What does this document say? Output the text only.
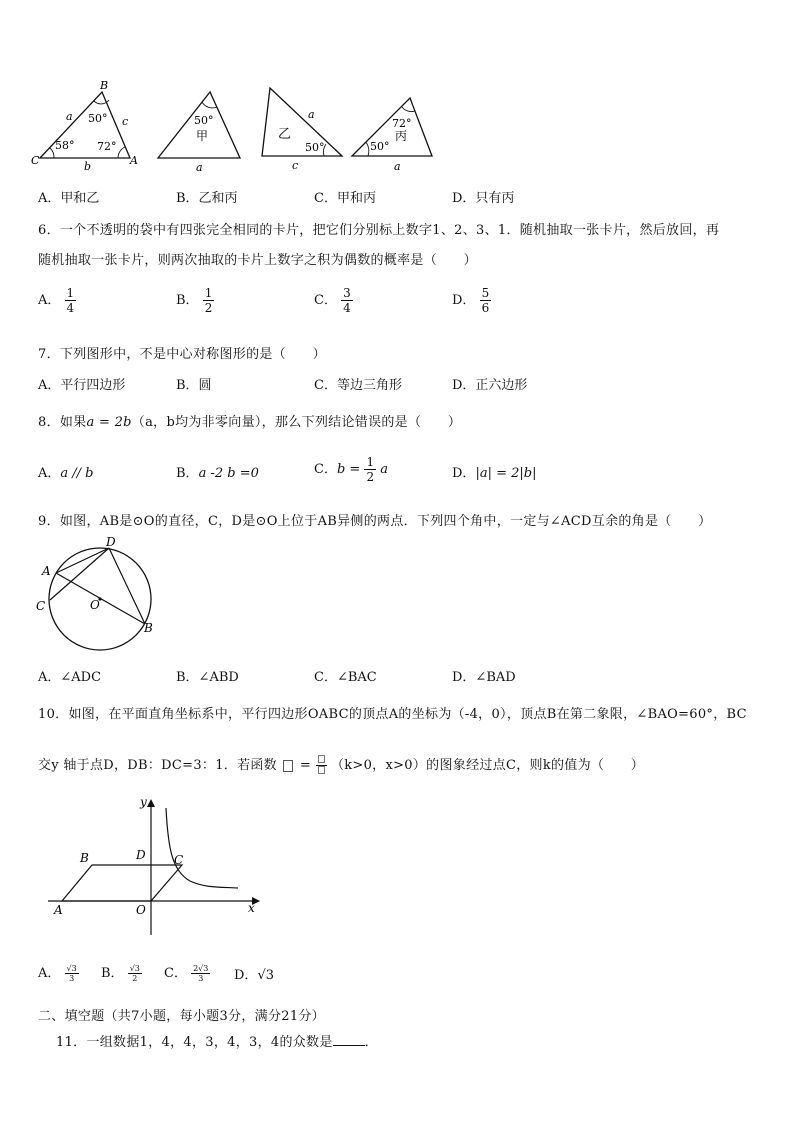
B
C	A
a	c
b
50°
58° 72°
50°
甲
a
乙
a
c
50°
72°
丙
50°
a
A．甲和乙	B．乙和丙	C．甲和丙	D．只有丙
6．一个不透明的袋中有四张完全相同的卡片，把它们分别标上数字1、2、3、1．随机抽取一张卡片，然后放回，再
随机抽取一张卡片，则两次抽取的卡片上数字之积为偶数的概率是（　　）
A． $\frac{1}{4}$	B． $\frac{1}{2}$	C． $\frac{3}{4}$	D． $\frac{5}{6}$
7．下列图形中，不是中心对称图形的是（　　）
A．平行四边形	B．圆	C．等边三角形	D．正六边形
8．如果a = 2b（a，b均为非零向量），那么下列结论错误的是（　　）
A．a // b	B．a -2 b =0	C．$b = \frac{1}{2}$ a	D．|a| = 2|b|
9．如图，AB是⊙O的直径，C，D是⊙O上位于AB异侧的两点．下列四个角中，一定与∠ACD互余的角是（　　）
A
D
C	O
B
A．∠ADC	B．∠ABD	C．∠BAC	D．∠BAD
10．如图，在平面直角坐标系中，平行四边形OABC的顶点A的坐标为（-4，0），顶点B在第二象限，∠BAO=60°，BC
交y 轴于点D，DB：DC=3：1．若函数 = （k>0，x>0）的图象经过点C，则k的值为（　　）
y
x
A
B	D C
O
A． $\frac{√3}{3}$ B． $\frac{√3}{2}$ C． $\frac{2√3}{3}$ D．√3
二、填空题（共7小题，每小题3分，满分21分）
11．一组数据1，4，4，3，4，3，4的众数是 ．
